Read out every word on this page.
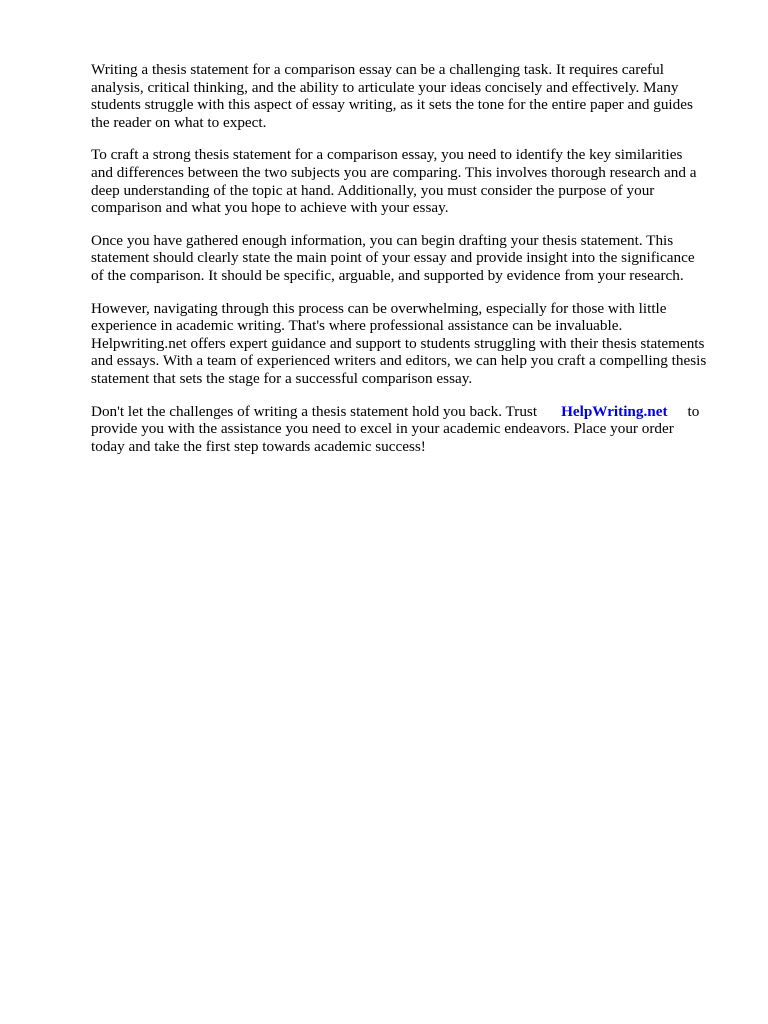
Writing a thesis statement for a comparison essay can be a challenging task. It requires careful
analysis, critical thinking, and the ability to articulate your ideas concisely and effectively. Many
students struggle with this aspect of essay writing, as it sets the tone for the entire paper and guides
the reader on what to expect.

To craft a strong thesis statement for a comparison essay, you need to identify the key similarities
and differences between the two subjects you are comparing. This involves thorough research and a
deep understanding of the topic at hand. Additionally, you must consider the purpose of your
comparison and what you hope to achieve with your essay.

Once you have gathered enough information, you can begin drafting your thesis statement. This
statement should clearly state the main point of your essay and provide insight into the significance
of the comparison. It should be specific, arguable, and supported by evidence from your research.

However, navigating through this process can be overwhelming, especially for those with little
experience in academic writing. That's where professional assistance can be invaluable.
Helpwriting.net offers expert guidance and support to students struggling with their thesis statements
and essays. With a team of experienced writers and editors, we can help you craft a compelling thesis
statement that sets the stage for a successful comparison essay.

Don't let the challenges of writing a thesis statement hold you back. Trust HelpWriting.net to
provide you with the assistance you need to excel in your academic endeavors. Place your order
today and take the first step towards academic success!
